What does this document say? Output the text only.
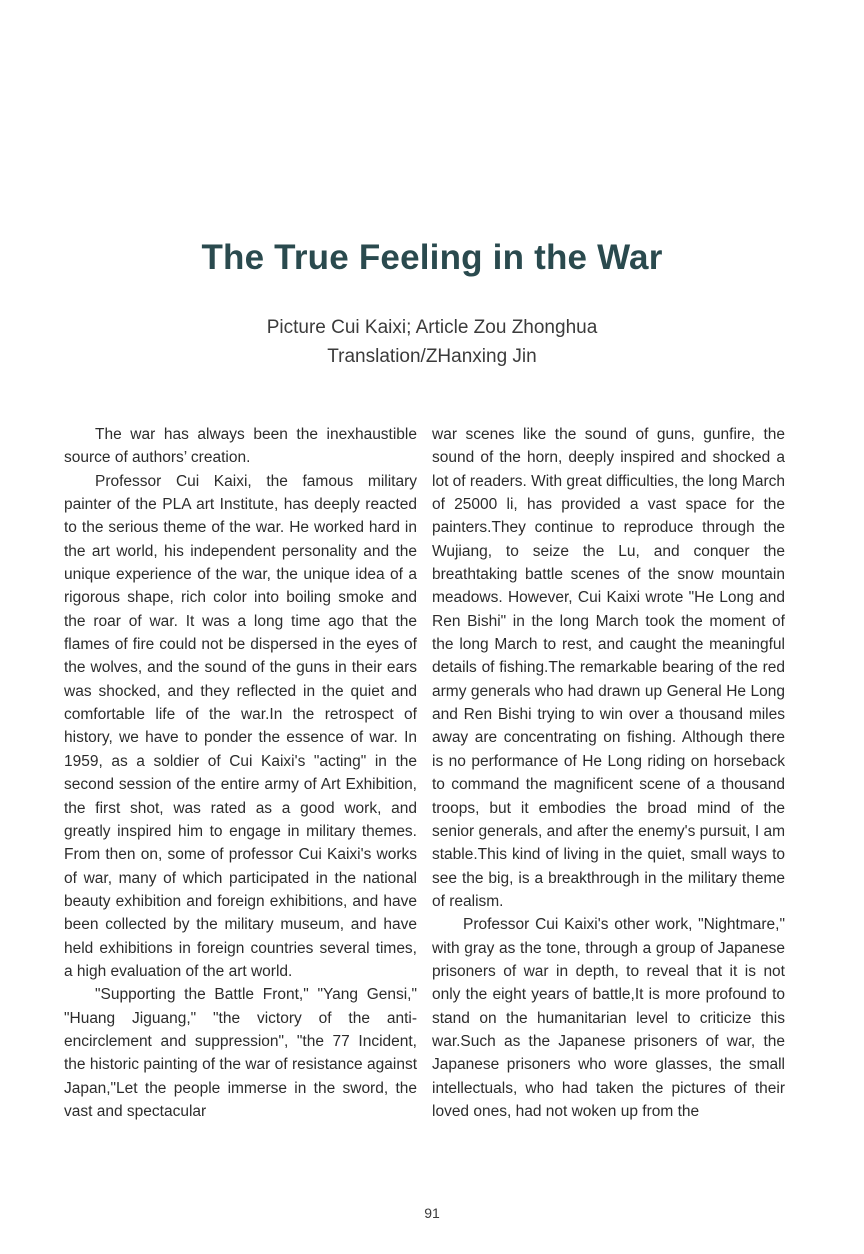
The True Feeling in the War

Picture Cui Kaixi; Article Zou Zhonghua

Translation/ZHanxing Jin

The war has always been the inexhaustible source of authors’ creation.

Professor Cui Kaixi, the famous military painter of the PLA art Institute, has deeply reacted to the serious theme of the war. He worked hard in the art world, his independent personality and the unique experience of the war, the unique idea of a rigorous shape, rich color into boiling smoke and the roar of war. It was a long time ago that the flames of fire could not be dispersed in the eyes of the wolves, and the sound of the guns in their ears was shocked, and they reflected in the quiet and comfortable life of the war.In the retrospect of history, we have to ponder the essence of war. In 1959, as a soldier of Cui Kaixi's "acting" in the second session of the entire army of Art Exhibition, the first shot, was rated as a good work, and greatly inspired him to engage in military themes. From then on, some of professor Cui Kaixi's works of war, many of which participated in the national beauty exhibition and foreign exhibitions, and have been collected by the military museum, and have held exhibitions in foreign countries several times, a high evaluation of the art world.

"Supporting the Battle Front," "Yang Gensi," "Huang Jiguang," "the victory of the anti-encirclement and suppression", "the 77 Incident, the historic painting of the war of resistance against Japan,"Let the people immerse in the sword, the vast and spectacular

war scenes like the sound of guns, gunfire, the sound of the horn, deeply inspired and shocked a lot of readers. With great difficulties, the long March of 25000 li, has provided a vast space for the painters.They continue to reproduce through the Wujiang, to seize the Lu, and conquer the breathtaking battle scenes of the snow mountain meadows. However, Cui Kaixi wrote "He Long and Ren Bishi" in the long March took the moment of the long March to rest, and caught the meaningful details of fishing.The remarkable bearing of the red army generals who had drawn up General He Long and Ren Bishi trying to win over a thousand miles away are concentrating on fishing. Although there is no performance of He Long riding on horseback to command the magnificent scene of a thousand troops, but it embodies the broad mind of the senior generals, and after the enemy's pursuit, I am stable.This kind of living in the quiet, small ways to see the big, is a breakthrough in the military theme of realism.

Professor Cui Kaixi's other work, "Nightmare," with gray as the tone, through a group of Japanese prisoners of war in depth, to reveal that it is not only the eight years of battle,It is more profound to stand on the humanitarian level to criticize this war.Such as the Japanese prisoners of war, the Japanese prisoners who wore glasses, the small intellectuals, who had taken the pictures of their loved ones, had not woken up from the

91
